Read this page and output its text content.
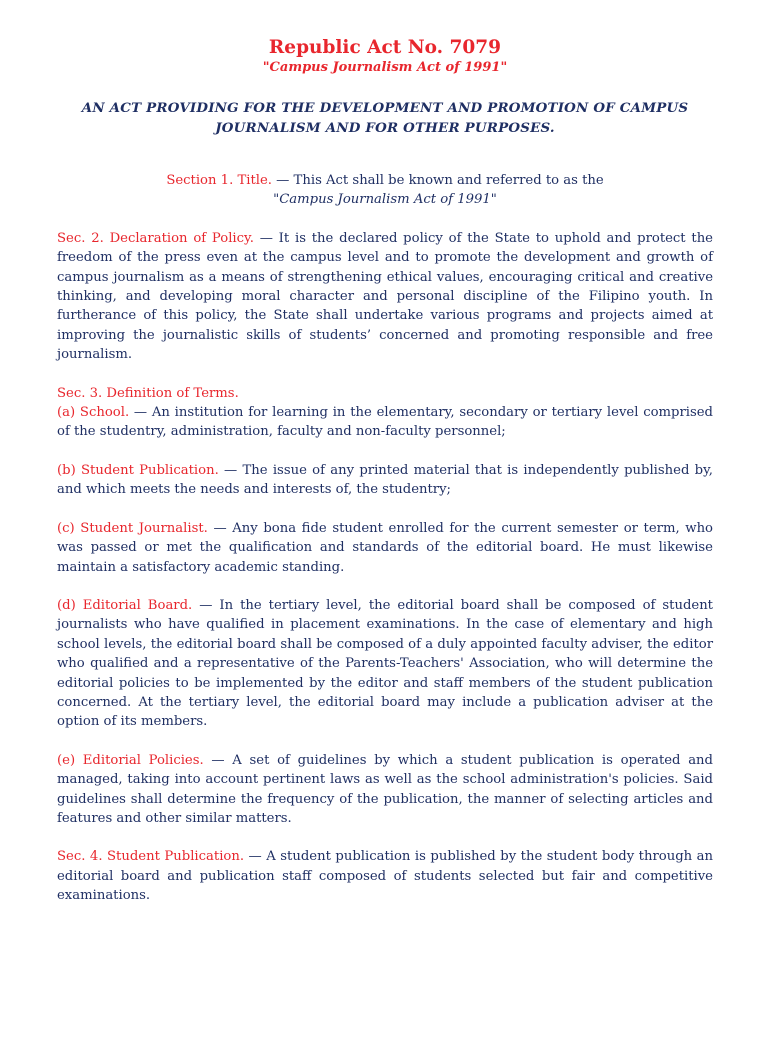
Republic Act No. 7079

"Campus Journalism Act of 1991"

AN ACT PROVIDING FOR THE DEVELOPMENT AND PROMOTION OF CAMPUS JOURNALISM AND FOR OTHER PURPOSES.

Section 1. Title. — This Act shall be known and referred to as the

"Campus Journalism Act of 1991"

Sec. 2. Declaration of Policy. — It is the declared policy of the State to uphold and protect the freedom of the press even at the campus level and to promote the development and growth of campus journalism as a means of strengthening ethical values, encouraging critical and creative thinking, and developing moral character and personal discipline of the Filipino youth. In furtherance of this policy, the State shall undertake various programs and projects aimed at improving the journalistic skills of students’ concerned and promoting responsible and free journalism.

Sec. 3. Definition of Terms.

(a) School. — An institution for learning in the elementary, secondary or tertiary level comprised of the studentry, administration, faculty and non-faculty personnel;

(b) Student Publication. — The issue of any printed material that is independently published by, and which meets the needs and interests of, the studentry;

(c) Student Journalist. — Any bona fide student enrolled for the current semester or term, who was passed or met the qualification and standards of the editorial board. He must likewise maintain a satisfactory academic standing.

(d) Editorial Board. — In the tertiary level, the editorial board shall be composed of student journalists who have qualified in placement examinations. In the case of elementary and high school levels, the editorial board shall be composed of a duly appointed faculty adviser, the editor who qualified and a representative of the Parents-Teachers' Association, who will determine the editorial policies to be implemented by the editor and staff members of the student publication concerned. At the tertiary level, the editorial board may include a publication adviser at the option of its members.

(e) Editorial Policies. — A set of guidelines by which a student publication is operated and managed, taking into account pertinent laws as well as the school administration's policies. Said guidelines shall determine the frequency of the publication, the manner of selecting articles and features and other similar matters.

Sec. 4. Student Publication. — A student publication is published by the student body through an editorial board and publication staff composed of students selected but fair and competitive examinations.
